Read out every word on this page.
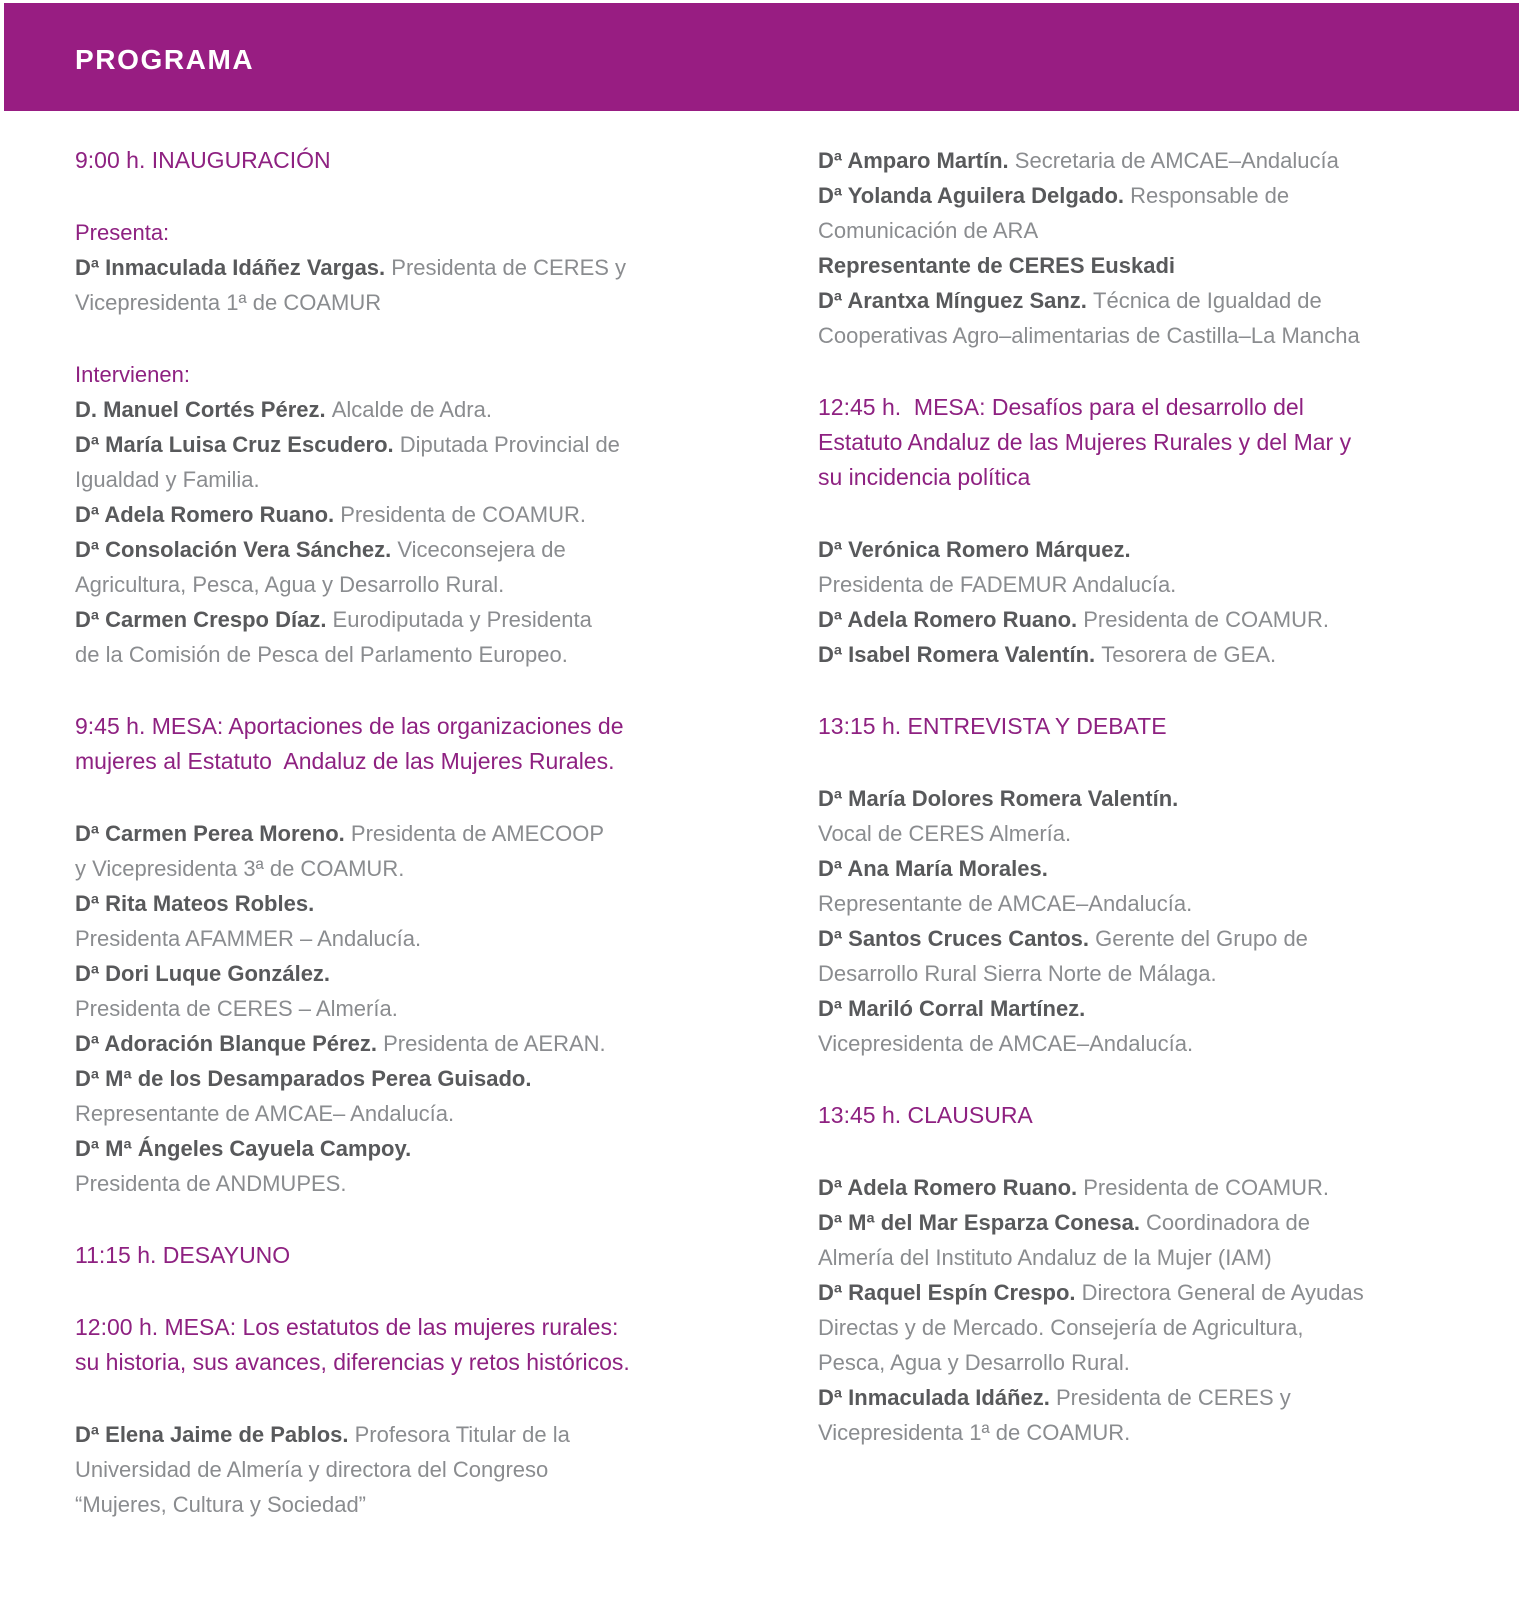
PROGRAMA
9:00 h. INAUGURACIÓN
Presenta:
Dª Inmaculada Idáñez Vargas. Presidenta de CERES y
Vicepresidenta 1ª de COAMUR
Intervienen:
D. Manuel Cortés Pérez. Alcalde de Adra.
Dª María Luisa Cruz Escudero. Diputada Provincial de
Igualdad y Familia.
Dª Adela Romero Ruano. Presidenta de COAMUR.
Dª Consolación Vera Sánchez. Viceconsejera de
Agricultura, Pesca, Agua y Desarrollo Rural.
Dª Carmen Crespo Díaz. Eurodiputada y Presidenta
de la Comisión de Pesca del Parlamento Europeo.
9:45 h. MESA: Aportaciones de las organizaciones de
mujeres al Estatuto  Andaluz de las Mujeres Rurales.
Dª Carmen Perea Moreno. Presidenta de AMECOOP
y Vicepresidenta 3ª de COAMUR.
Dª Rita Mateos Robles.
Presidenta AFAMMER – Andalucía.
Dª Dori Luque González.
Presidenta de CERES – Almería.
Dª Adoración Blanque Pérez. Presidenta de AERAN.
Dª Mª de los Desamparados Perea Guisado.
Representante de AMCAE– Andalucía.
Dª Mª Ángeles Cayuela Campoy.
Presidenta de ANDMUPES.
11:15 h. DESAYUNO
12:00 h. MESA: Los estatutos de las mujeres rurales:
su historia, sus avances, diferencias y retos históricos.
Dª Elena Jaime de Pablos. Profesora Titular de la
Universidad de Almería y directora del Congreso
“Mujeres, Cultura y Sociedad”
Dª Amparo Martín. Secretaria de AMCAE–Andalucía
Dª Yolanda Aguilera Delgado. Responsable de
Comunicación de ARA
Representante de CERES Euskadi
Dª Arantxa Mínguez Sanz. Técnica de Igualdad de
Cooperativas Agro–alimentarias de Castilla–La Mancha
12:45 h.  MESA: Desafíos para el desarrollo del
Estatuto Andaluz de las Mujeres Rurales y del Mar y
su incidencia política
Dª Verónica Romero Márquez.
Presidenta de FADEMUR Andalucía.
Dª Adela Romero Ruano. Presidenta de COAMUR.
Dª Isabel Romera Valentín. Tesorera de GEA.
13:15 h. ENTREVISTA Y DEBATE
Dª María Dolores Romera Valentín.
Vocal de CERES Almería.
Dª Ana María Morales.
Representante de AMCAE–Andalucía.
Dª Santos Cruces Cantos. Gerente del Grupo de
Desarrollo Rural Sierra Norte de Málaga.
Dª Mariló Corral Martínez.
Vicepresidenta de AMCAE–Andalucía.
13:45 h. CLAUSURA
Dª Adela Romero Ruano. Presidenta de COAMUR.
Dª Mª del Mar Esparza Conesa. Coordinadora de
Almería del Instituto Andaluz de la Mujer (IAM)
Dª Raquel Espín Crespo. Directora General de Ayudas
Directas y de Mercado. Consejería de Agricultura,
Pesca, Agua y Desarrollo Rural.
Dª Inmaculada Idáñez. Presidenta de CERES y
Vicepresidenta 1ª de COAMUR.
